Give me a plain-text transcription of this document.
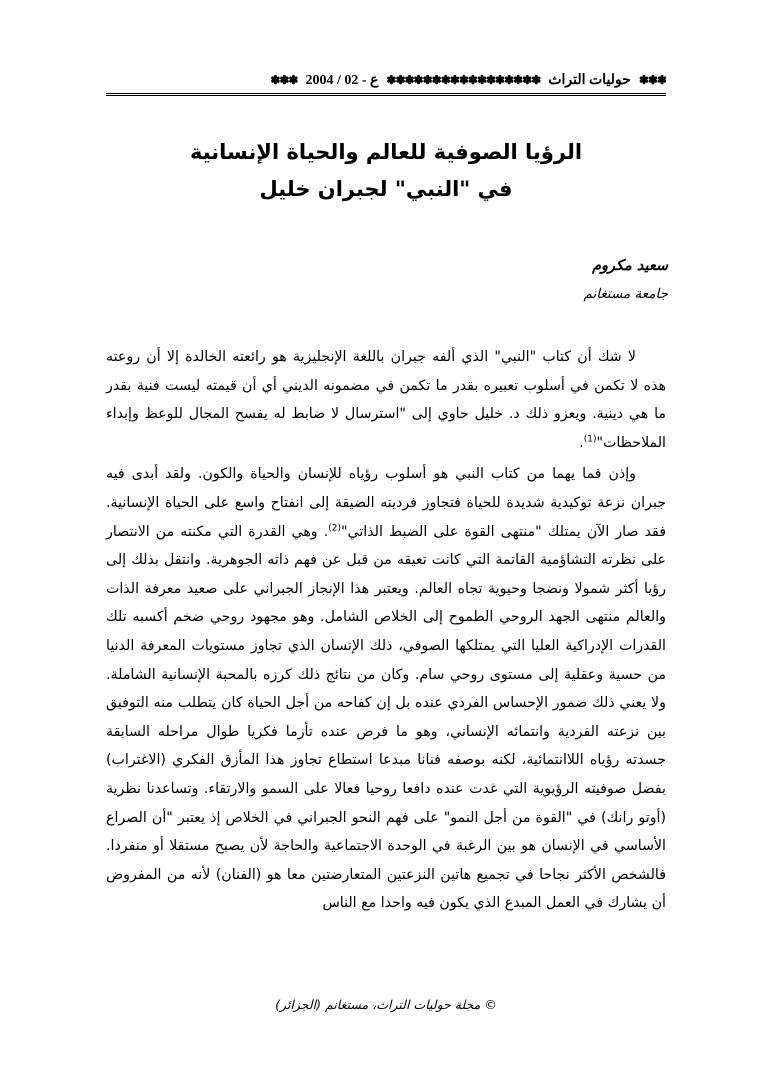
✽✽✽
حوليات التراث
✽✽✽✽✽✽✽✽✽✽✽✽✽✽✽✽✽
ع - 02 / 2004
✽✽✽
الرؤيا الصوفية للعالم والحياة الإنسانية
في "النبي" لجبران خليل
سعيد مكروم
جامعة مستغانم

لا شك أن كتاب "النبي" الذي ألفه جبران باللغة الإنجليزية هو رائعته الخالدة إلا أن روعته هذه لا تكمن في أسلوب تعبيره بقدر ما تكمن في مضمونه الديني أي أن قيمته ليست فنية بقدر ما هي دينية. ويعزو ذلك د. خليل حاوي إلى "استرسال لا ضابط له يفسح المجال للوعظ وإبداء الملاحظات"$^{(1)}$.

وإذن فما يهما من كتاب النبي هو أسلوب رؤياه للإنسان والحياة والكون. ولقد أبدى فيه جبران نزعة توكيدية شديدة للحياة فتجاوز فرديته الضيقة إلى انفتاح واسع على الحياة الإنسانية. فقد صار الآن يمتلك "منتهى القوة على الضبط الذاتي"$^{(2)}$. وهي القدرة التي مكنته من الانتصار على نظرته التشاؤمية القاتمة التي كانت تعيقه من قبل عن فهم ذاته الجوهرية. وانتقل بذلك إلى رؤيا أكثر شمولا ونضجا وحيوية تجاه العالم. ويعتبر هذا الإنجاز الجبراني على صعيد معرفة الذات والعالم منتهى الجهد الروحي الطموح إلى الخلاص الشامل. وهو مجهود روحي ضخم أكسبه تلك القدرات الإدراكية العليا التي يمتلكها الصوفي، ذلك الإنسان الذي تجاوز مستويات المعرفة الدنيا من حسية وعقلية إلى مستوى روحي سام. وكان من نتائج ذلك كرزه بالمحبة الإنسانية الشاملة. ولا يعني ذلك ضمور الإحساس الفردي عنده بل إن كفاحه من أجل الحياة كان يتطلب منه التوفيق بين نزعته الفردية وانتمائه الإنساني، وهو ما فرض عنده تأزما فكريا طوال مراحله السابقة جسدته رؤياه اللاانتمائية، لكنه بوصفه فنانا مبدعا استطاع تجاوز هذا المأزق الفكري (الاغتراب) بفضل صوفيته الرؤيوية التي غدت عنده دافعا روحيا فعالا على السمو والارتقاء. وتساعدنا نظرية (أوتو رانك) في "القوة من أجل النمو" على فهم النحو الجبراني في الخلاص إذ يعتبر "أن الصراع الأساسي في الإنسان هو بين الرغبة في الوحدة الاجتماعية والحاجة لأن يصبح مستقلا أو منفردا. فالشخص الأكثر نجاحا في تجميع هاتين النزعتين المتعارضتين معا هو (الفنان) لأنه من المفروض أن يشارك في العمل المبدع الذي يكون فيه واحدا مع الناس

© مجلة حوليات التراث، مستغانم (الجزائر)
